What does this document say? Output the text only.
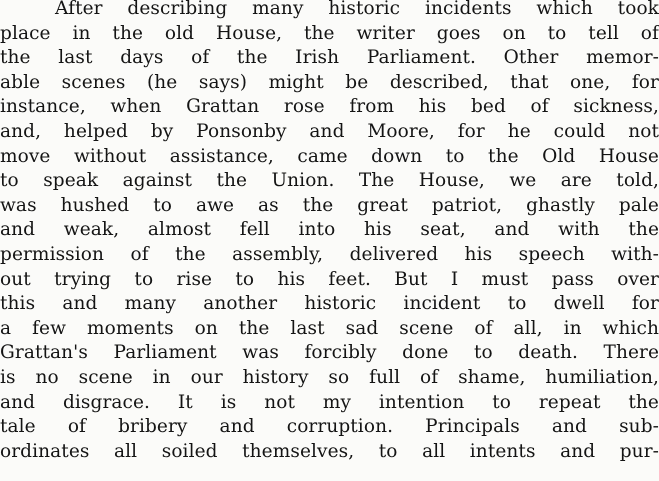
After describing many historic incidents which took
place in the old House, the writer goes on to tell of
the last days of the Irish Parliament. Other memor-
able scenes (he says) might be described, that one, for
instance, when Grattan rose from his bed of sickness,
and, helped by Ponsonby and Moore, for he could not
move without assistance, came down to the Old House
to speak against the Union. The House, we are told,
was hushed to awe as the great patriot, ghastly pale
and weak, almost fell into his seat, and with the
permission of the assembly, delivered his speech with-
out trying to rise to his feet. But I must pass over
this and many another historic incident to dwell for
a few moments on the last sad scene of all, in which
Grattan's Parliament was forcibly done to death. There
is no scene in our history so full of shame, humiliation,
and disgrace. It is not my intention to repeat the
tale of bribery and corruption. Principals and sub-
ordinates all soiled themselves, to all intents and pur-
